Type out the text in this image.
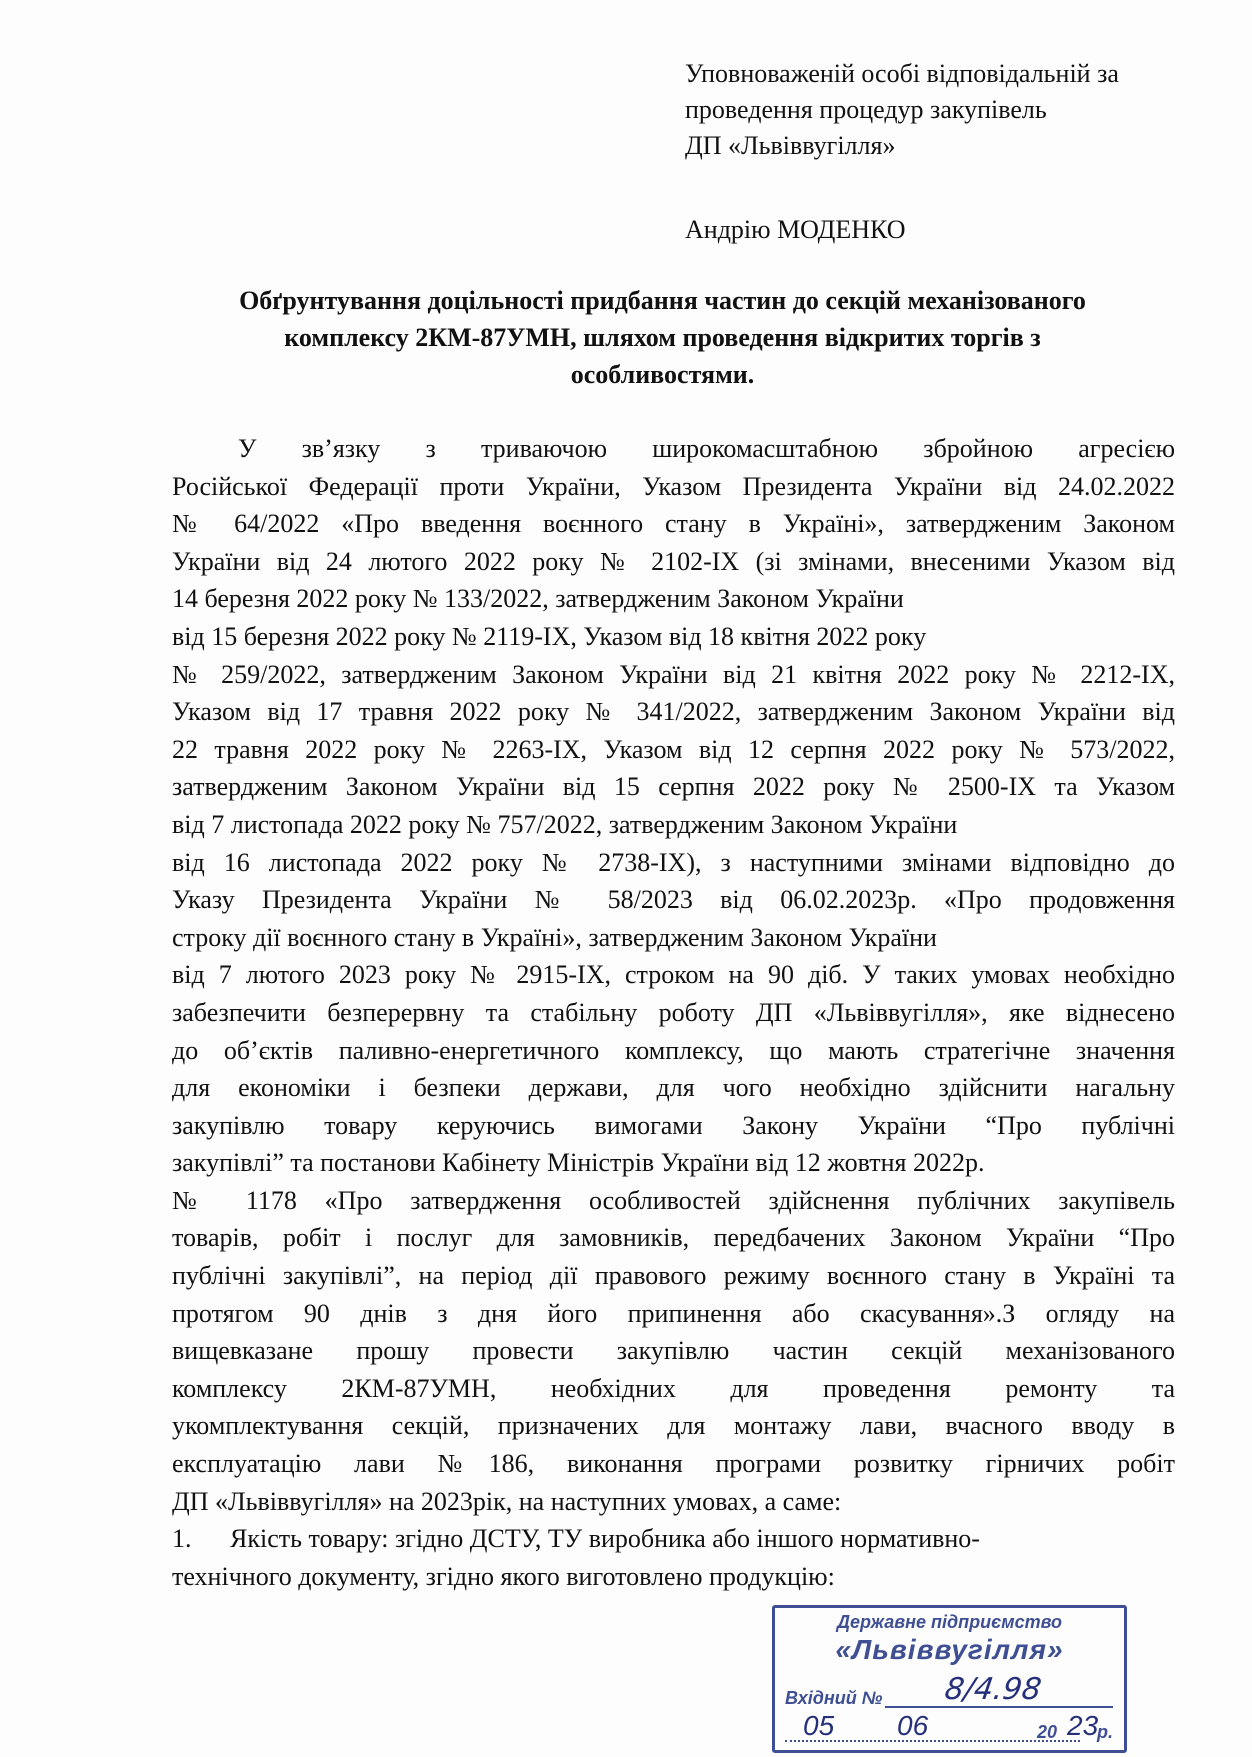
Уповноваженій особі відповідальній за
проведення процедур закупівель
ДП «Львіввугілля»
Андрію МОДЕНКО
Обґрунтування доцільності придбання частин до секцій механізованого
комплексу 2КМ-87УМН, шляхом проведення відкритих торгів з
особливостями.
У зв’язку з триваючою широкомасштабною збройною агресією
Російської Федерації проти України, Указом Президента України від 24.02.2022
№ 64/2022 «Про введення воєнного стану в Україні», затвердженим Законом
України від 24 лютого 2022 року № 2102-ІХ (зі змінами, внесеними Указом від
14 березня 2022 року № 133/2022, затвердженим Законом України
від 15 березня 2022 року № 2119-ІХ, Указом від 18 квітня 2022 року
№ 259/2022, затвердженим Законом України від 21 квітня 2022 року № 2212-ІХ,
Указом від 17 травня 2022 року № 341/2022, затвердженим Законом України від
22 травня 2022 року № 2263-ІХ, Указом від 12 серпня 2022 року № 573/2022,
затвердженим Законом України від 15 серпня 2022 року № 2500-ІХ та Указом
від 7 листопада 2022 року № 757/2022, затвердженим Законом України
від 16 листопада 2022 року № 2738-ІХ), з наступними змінами відповідно до
Указу Президента України № 58/2023 від 06.02.2023р. «Про продовження
строку дії воєнного стану в Україні», затвердженим Законом України
від 7 лютого 2023 року № 2915-ІХ, строком на 90 діб. У таких умовах необхідно
забезпечити безперервну та стабільну роботу ДП «Львіввугілля», яке віднесено
до об’єктів паливно-енергетичного комплексу, що мають стратегічне значення
для економіки і безпеки держави, для чого необхідно здійснити нагальну
закупівлю товару керуючись вимогами Закону України “Про публічні
закупівлі” та постанови Кабінету Міністрів України від 12 жовтня 2022р.
№ 1178 «Про затвердження особливостей здійснення публічних закупівель
товарів, робіт і послуг для замовників, передбачених Законом України “Про
публічні закупівлі”, на період дії правового режиму воєнного стану в Україні та
протягом 90 днів з дня його припинення або скасування».З огляду на
вищевказане прошу провести закупівлю частин секцій механізованого
комплексу 2КМ-87УМН, необхідних для проведення ремонту та
укомплектування секцій, призначених для монтажу лави, вчасного вводу в
експлуатацію лави №186, виконання програми розвитку гірничих робіт
ДП «Львіввугілля» на 2023рік, на наступних умовах, а саме:
1. Якість товару: згідно ДСТУ, ТУ виробника або іншого нормативно-
технічного документу, згідно якого виготовлено продукцію:
Державне підприємство
«Львіввугілля»
Вхідний № 8/4.98
05 06	20 23
р.
